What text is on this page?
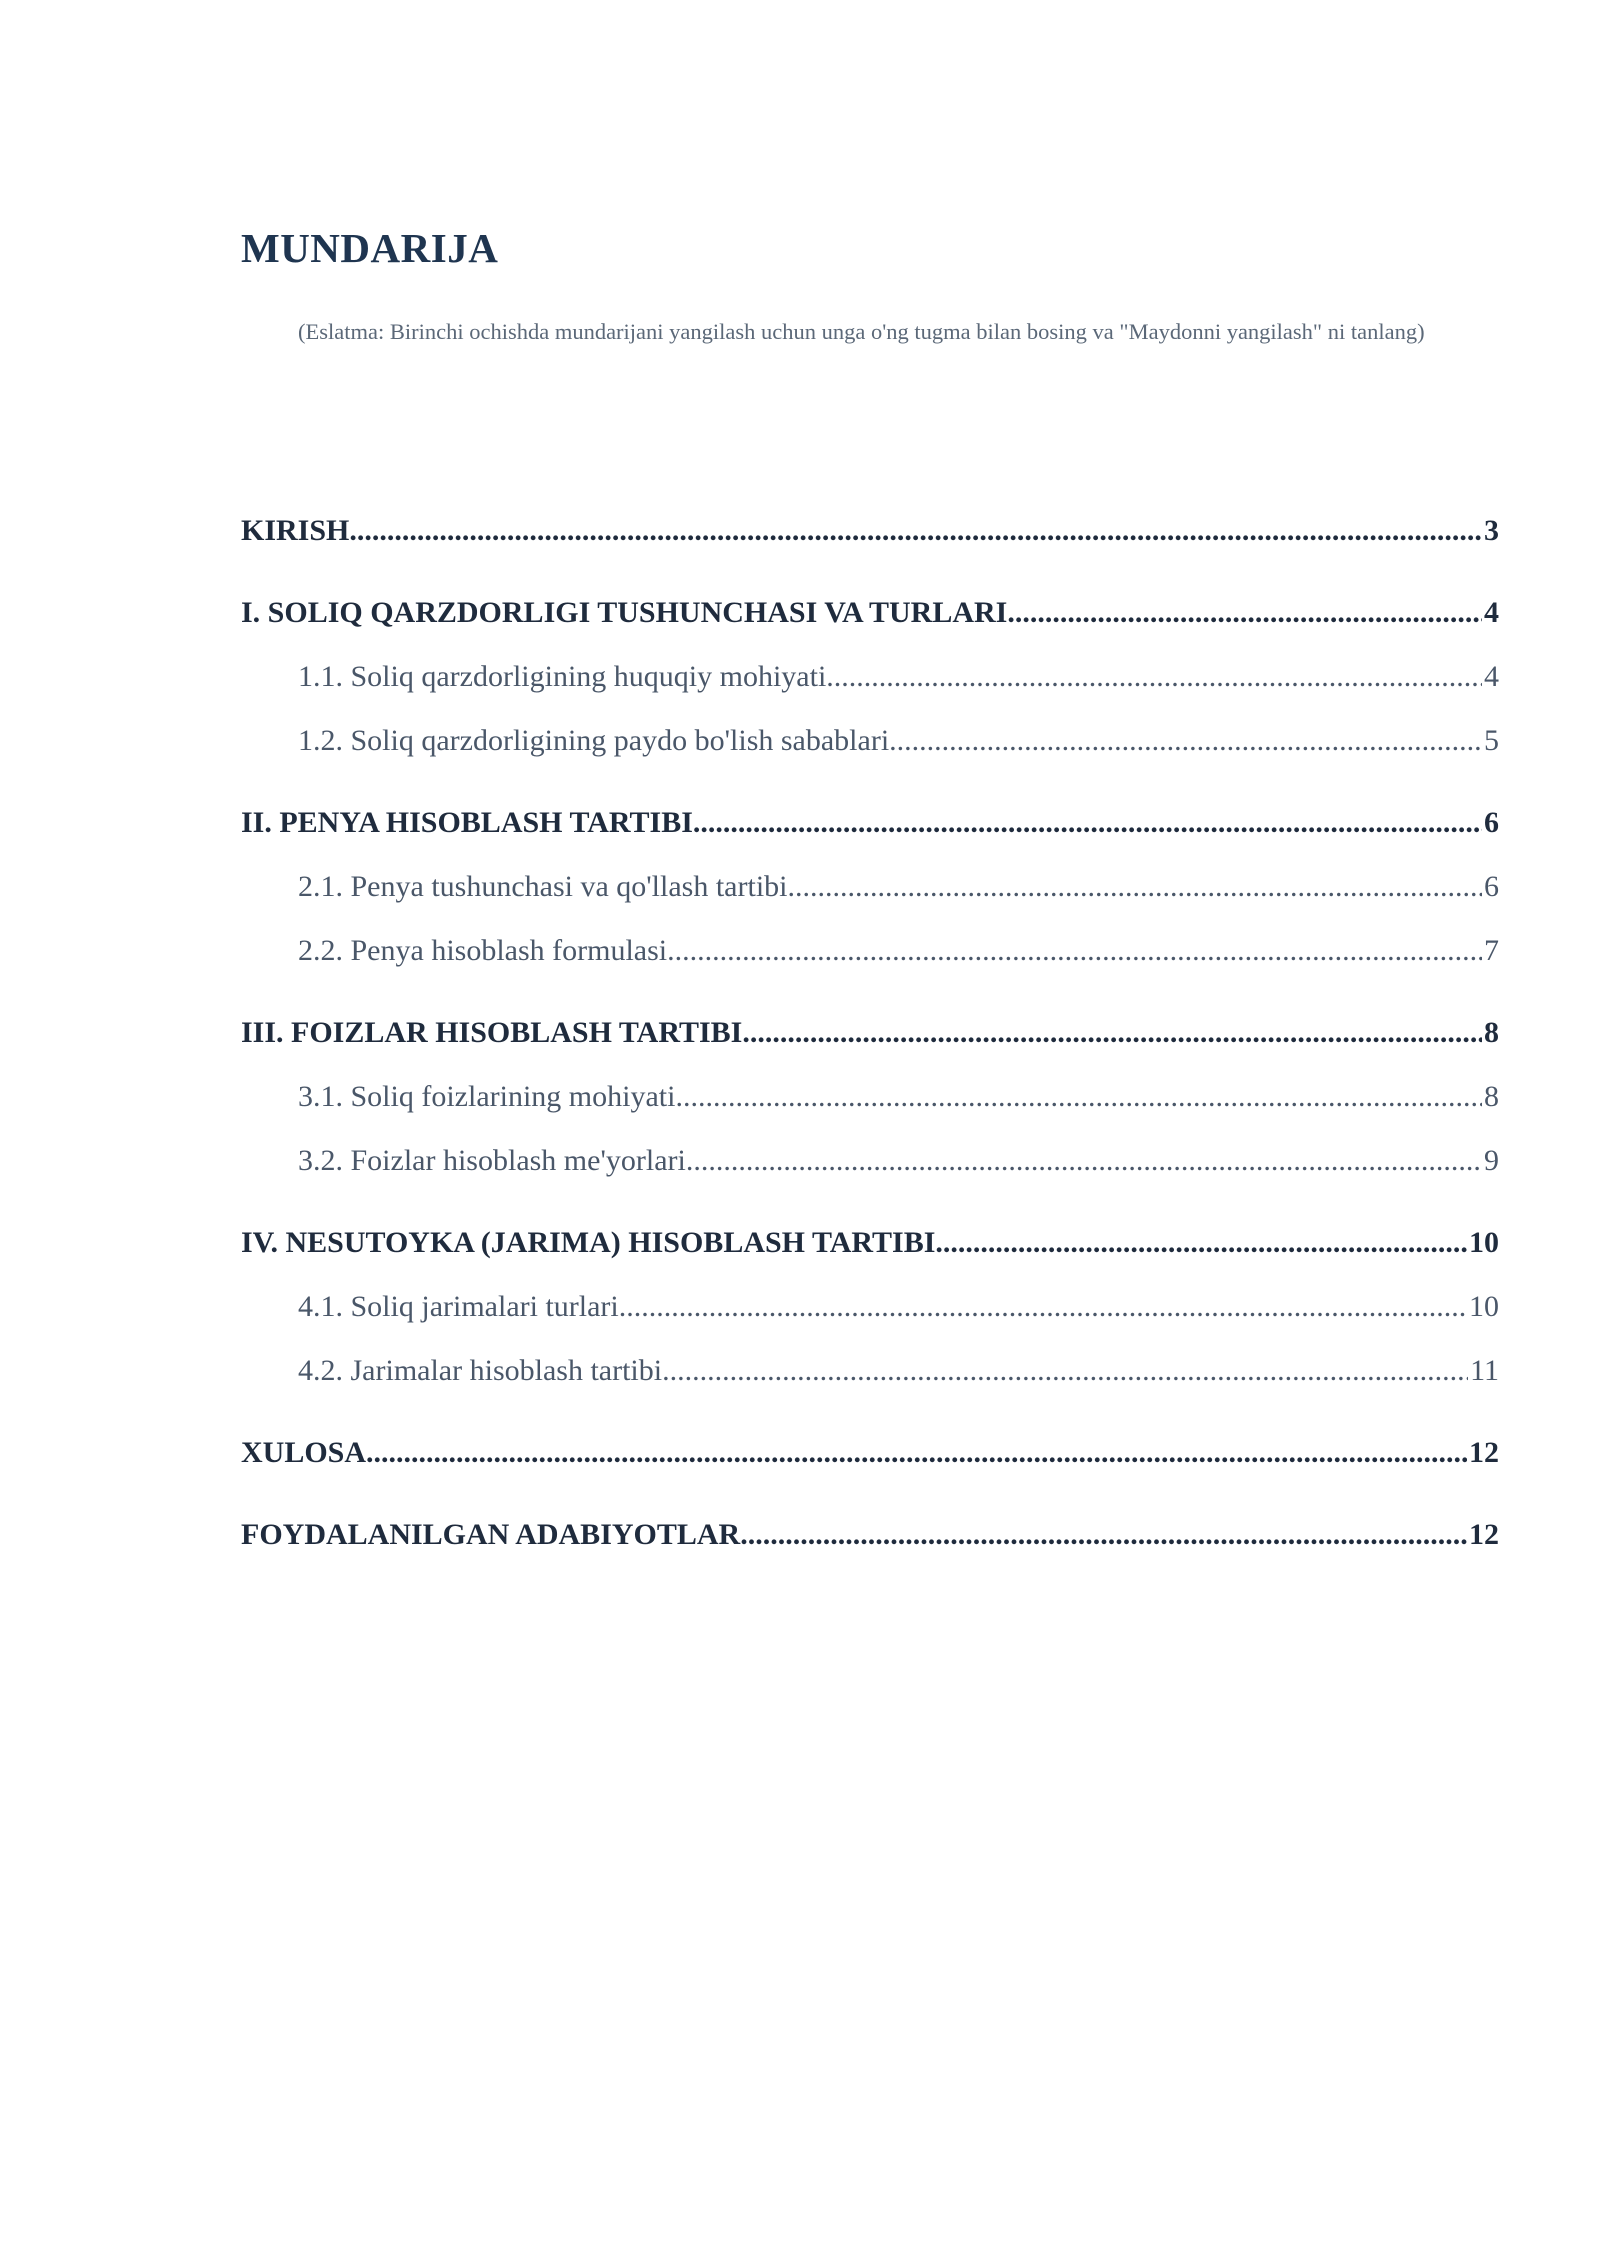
MUNDARIJA

(Eslatma: Birinchi ochishda mundarijani yangilash uchun unga o'ng tugma bilan bosing va "Maydonni yangilash" ni tanlang)

KIRISH .....	3
I. SOLIQ QARZDORLIGI TUSHUNCHASI VA TURLARI .....	4
1.1. Soliq qarzdorligining huquqiy mohiyati .....	4
1.2. Soliq qarzdorligining paydo bo'lish sabablari .....	5
II. PENYA HISOBLASH TARTIBI .....	6
2.1. Penya tushunchasi va qo'llash tartibi .....	6
2.2. Penya hisoblash formulasi .....	7
III. FOIZLAR HISOBLASH TARTIBI .....	8
3.1. Soliq foizlarining mohiyati .....	8
3.2. Foizlar hisoblash me'yorlari .....	9
IV. NESUTOYKA (JARIMA) HISOBLASH TARTIBI .....	10
4.1. Soliq jarimalari turlari .....	10
4.2. Jarimalar hisoblash tartibi .....	11
XULOSA .....	12
FOYDALANILGAN ADABIYOTLAR .....	12
